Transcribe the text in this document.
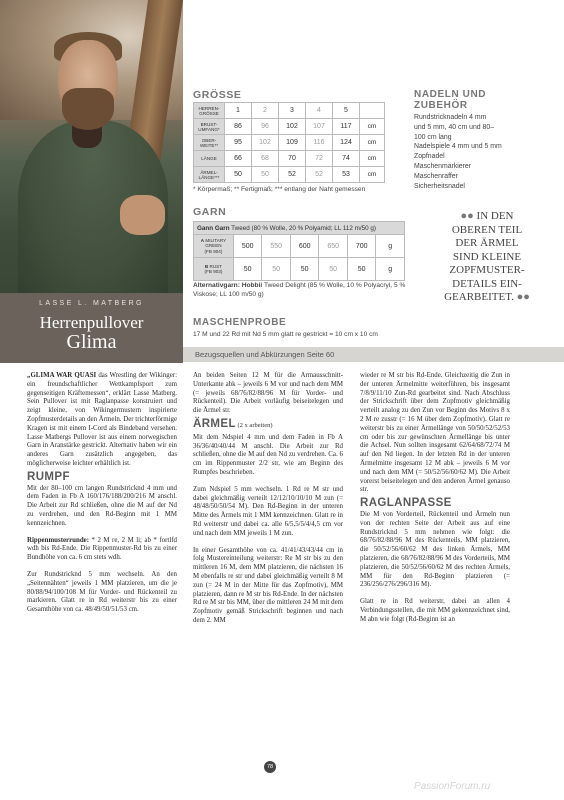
LASSE L. MATBERG
Herrenpullover
Glima
GRÖSSE
HERREN-
GRÖSSE	1	2	3	4	5	
BRUST-
UMFANG*	86	96	102	107	117	cm
OBER-
WEITE**	95	102	109	116	124	cm
LÄNGE	66	68	70	72	74	cm
ÄRMEL-
LÄNGE***	50	50	52	52	53	cm
* Körpermaß; ** Fertigmaß; *** entlang der Naht gemessen
GARN
Gann Garn Tweed (80 % Wolle, 20 % Polyamid; LL 112 m/50 g)						
A MILITARY
GREEN
(FB 904)	500	550	600	650	700	g
B RUST
(FB 903)	50	50	50	50	50	g
Alternativgarn: Hobbii Tweed Delight (85 % Wolle, 10 % Polyacryl, 5 % Viskose; LL 100 m/50 g)
MASCHENPROBE
17 M und 22 Rd mit Nd 5 mm glatt re gestrickt = 10 cm x 10 cm
Bezugsquellen und Abkürzungen Seite 60
NADELN UND
ZUBEHÖR
Rundstricknadeln 4 mm
und 5 mm, 40 cm und 80–
100 cm lang
Nadelspiele 4 mm und 5 mm
Zopfnadel
Maschenmarkierer
Maschenraffer
Sicherheitsnadel
●● IN DEN
OBEREN TEIL
DER ÄRMEL
SIND KLEINE
ZOPFMUSTER-
DETAILS EIN-
GEARBEITET. ●●

„GLIMA WAR QUASI das Wrestling der Wikinger: ein freundschaftlicher Wettkampfsport zum gegenseitigen Kräftemessen“, erklärt Lasse Matberg. Sein Pullover ist mit Raglanpasse konstruiert und zeigt kleine, von Wikingermustern inspirierte Zopfmusterdetails an den Ärmeln. Der trichterförmige Kragen ist mit einem I-Cord als Bindeband versehen. Lasse Matbergs Pullover ist aus einem norwegischen Garn in Aranstärke gestrickt. Alternativ haben wir ein anderes Garn zusätzlich angegeben, das möglicherweise leichter erhältlich ist.

RUMPF

Mit der 80–100 cm langen Rundstricknd 4 mm und dem Faden in Fb A 160/176/188/200/216 M anschl. Die Arbeit zur Rd schließen, ohne die M auf der Nd zu verdrehen, und den Rd-Beginn mit 1 MM kennzeichnen.

Rippenmusterrunde: * 2 M re, 2 M li; ab * fortlfd wdh bis Rd-Ende. Die Rippenmuster-Rd bis zu einer Bundhöhe von ca. 6 cm stets wdh.

Zur Rundstricknd 5 mm wechseln. An den „Seitennähten“ jeweils 1 MM platzieren, um die je 80/88/94/100/108 M für Vorder- und Rückenteil zu markieren. Glatt re in Rd weiterstr bis zu einer Gesamthöhe von ca. 48/49/50/51/53 cm.

An beiden Seiten 12 M für die Armausschnitt-Unterkante abk – jeweils 6 M vor und nach dem MM (= jeweils 68/76/82/88/96 M für Vorder- und Rückenteil). Die Arbeit vorläufig beiseitelegen und die Ärmel str.

ÄRMEL (2 x arbeiten)

Mit dem Ndspiel 4 mm und dem Faden in Fb A 36/36/40/40/44 M anschl. Die Arbeit zur Rd schließen, ohne die M auf den Nd zu verdrehen. Ca. 6 cm im Rippenmuster 2/2 str, wie am Beginn des Rumpfes beschrieben.

Zum Ndspiel 5 mm wechseln. 1 Rd re M str und dabei gleichmäßig verteilt 12/12/10/10/10 M zun (= 48/48/50/50/54 M). Den Rd-Beginn in der unteren Mitte des Ärmels mit 1 MM kennzeichnen. Glatt re in Rd weiterstr und dabei ca. alle 6/5,5/5/4/4,5 cm vor und nach dem MM jeweils 1 M zun.

In einer Gesamthöhe von ca. 41/41/43/43/44 cm in folg Mustereinteilung weiterstr: Re M str bis zu den mittleren 16 M, dem MM platzieren, die nächsten 16 M ebenfalls re str und dabei gleichmäßig verteilt 8 M zun (= 24 M in der Mitte für das Zopfmotiv), MM platzieren, dann re M str bis Rd-Ende. In der nächsten Rd re M str bis MM, über die mittleren 24 M mit dem Zopfmotiv gemäß Strickschrift beginnen und nach dem 2. MM

wieder re M str bis Rd-Ende. Gleichzeitig die Zun in der unteren Ärmelmitte weiterführen, bis insgesamt 7/8/9/11/10 Zun-Rd gearbeitet sind. Nach Abschluss der Strickschrift über dem Zopfmotiv gleichmäßig verteilt analog zu den Zun vor Beginn des Motivs 8 x 2 M re zusstr (= 16 M über dem Zopfmotiv). Glatt re weiterstr bis zu einer Ärmellänge von 50/50/52/52/53 cm oder bis zur gewünschten Ärmellänge bis unter die Achsel. Nun sollten insgesamt 62/64/68/72/74 M auf den Nd liegen. In der letzten Rd in der unteren Ärmelmitte insgesamt 12 M abk – jeweils 6 M vor und nach dem MM (= 50/52/56/60/62 M). Die Arbeit vorerst beiseitelegen und den anderen Ärmel genauso str.

RAGLANPASSE

Die M von Vorderteil, Rückenteil und Ärmeln nun von der rechten Seite der Arbeit aus auf eine Rundstricknd 5 mm nehmen wie folgt: die 68/76/82/88/96 M des Rückenteils, MM platzieren, die 50/52/56/60/62 M des linken Ärmels, MM platzieren, die 68/76/82/88/96 M des Vorderteils, MM platzieren, die 50/52/56/60/62 M des rechten Ärmels, MM für den Rd-Beginn platzieren (= 236/256/276/296/316 M).

Glatt re in Rd weiterstr, dabei an allen 4 Verbindungsstellen, die mit MM gekennzeichnet sind, M abn wie folgt (Rd-Beginn ist an

78
PassionForum.ru
